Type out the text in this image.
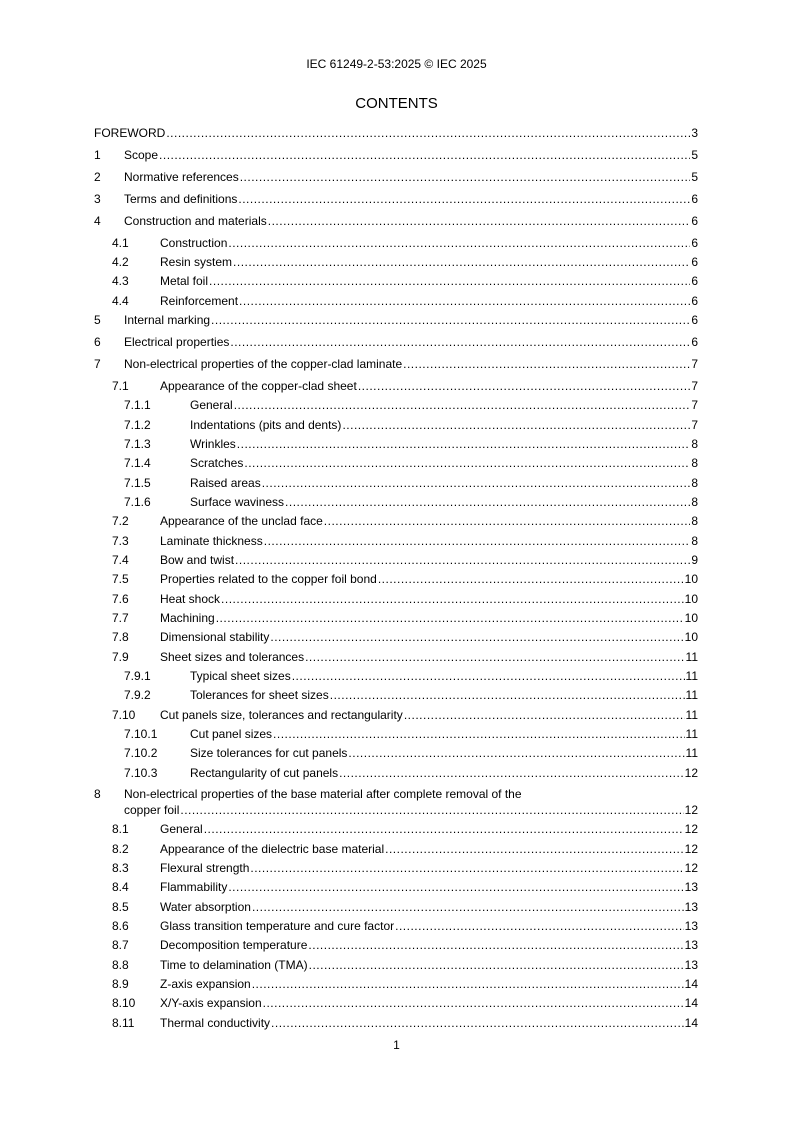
IEC 61249-2-53:2025 © IEC 2025
CONTENTS
FOREWORD .....	3
1	Scope .....	5
2	Normative references .....	5
3	Terms and definitions .....	6
4	Construction and materials .....	6
4.1	Construction .....	6
4.2	Resin system .....	6
4.3	Metal foil .....	6
4.4	Reinforcement .....	6
5	Internal marking .....	6
6	Electrical properties .....	6
7	Non-electrical properties of the copper-clad laminate .....	7
7.1	Appearance of the copper-clad sheet .....	7
7.1.1	General .....	7
7.1.2	Indentations (pits and dents) .....	7
7.1.3	Wrinkles .....	8
7.1.4	Scratches .....	8
7.1.5	Raised areas .....	8
7.1.6	Surface waviness .....	8
7.2	Appearance of the unclad face .....	8
7.3	Laminate thickness .....	8
7.4	Bow and twist .....	9
7.5	Properties related to the copper foil bond .....	10
7.6	Heat shock .....	10
7.7	Machining .....	10
7.8	Dimensional stability .....	10
7.9	Sheet sizes and tolerances .....	11
7.9.1	Typical sheet sizes .....	11
7.9.2	Tolerances for sheet sizes .....	11
7.10	Cut panels size, tolerances and rectangularity .....	11
7.10.1	Cut panel sizes .....	11
7.10.2	Size tolerances for cut panels .....	11
7.10.3	Rectangularity of cut panels .....	12
8	Non-electrical properties of the base material after complete removal of the
copper foil .....	12
8.1	General .....	12
8.2	Appearance of the dielectric base material .....	12
8.3	Flexural strength .....	12
8.4	Flammability .....	13
8.5	Water absorption .....	13
8.6	Glass transition temperature and cure factor .....	13
8.7	Decomposition temperature .....	13
8.8	Time to delamination (TMA) .....	13
8.9	Z-axis expansion .....	14
8.10	X/Y-axis expansion .....	14
8.11	Thermal conductivity .....	14
1
